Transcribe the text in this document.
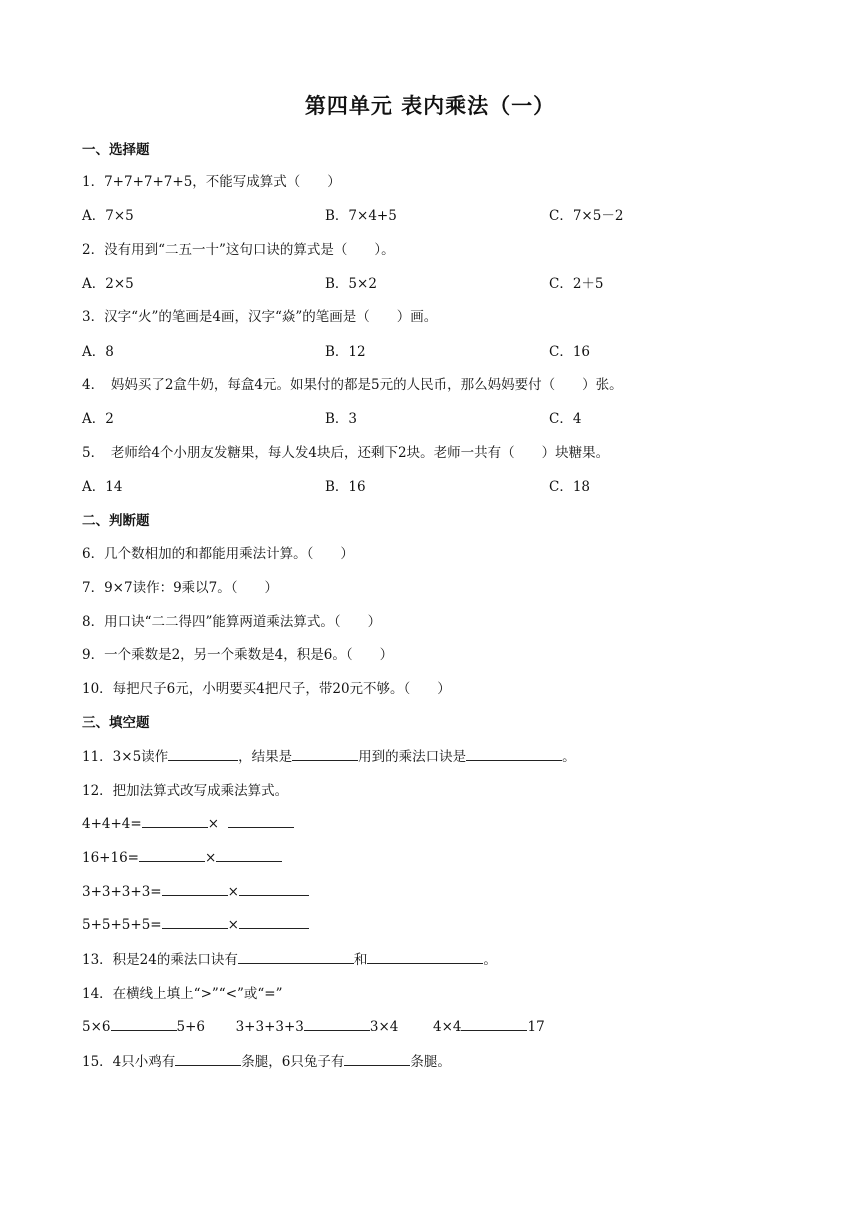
第四单元 表内乘法（一）
一、选择题
1．7+7+7+7+5，不能写成算式（　　）
A．7×5	B．7×4+5	C．7×5－2
2．没有用到“二五一十”这句口诀的算式是（　　）。
A．2×5	B．5×2	C．2＋5
3．汉字“火”的笔画是4画，汉字“焱”的笔画是（　　）画。
A．8	B．12	C．16
4．　妈妈买了2盒牛奶，每盒4元。如果付的都是5元的人民币，那么妈妈要付（　　）张。
A．2	B．3	C．4
5．　老师给4个小朋友发糖果，每人发4块后，还剩下2块。老师一共有（　　）块糖果。
A．14	B．16	C．18
二、判断题
6．几个数相加的和都能用乘法计算。（　　）
7．9×7读作：9乘以7。（　　）
8．用口诀“二二得四”能算两道乘法算式。（　　）
9．一个乘数是2，另一个乘数是4，积是6。（　　）
10．每把尺子6元，小明要买4把尺子，带20元不够。（　　）
三、填空题
11．3×5读作	，结果是	用到的乘法口诀是	。
12．把加法算式改写成乘法算式。
4+4+4=	×
16+16=	×
3+3+3+3=	×
5+5+5+5=	×
13．积是24的乘法口诀有	和	。
14．在横线上填上“>”“<”或“=”
5×6	5+6 3+3+3+3	3×4	4×4	17
15．4只小鸡有	条腿，6只兔子有	条腿。
